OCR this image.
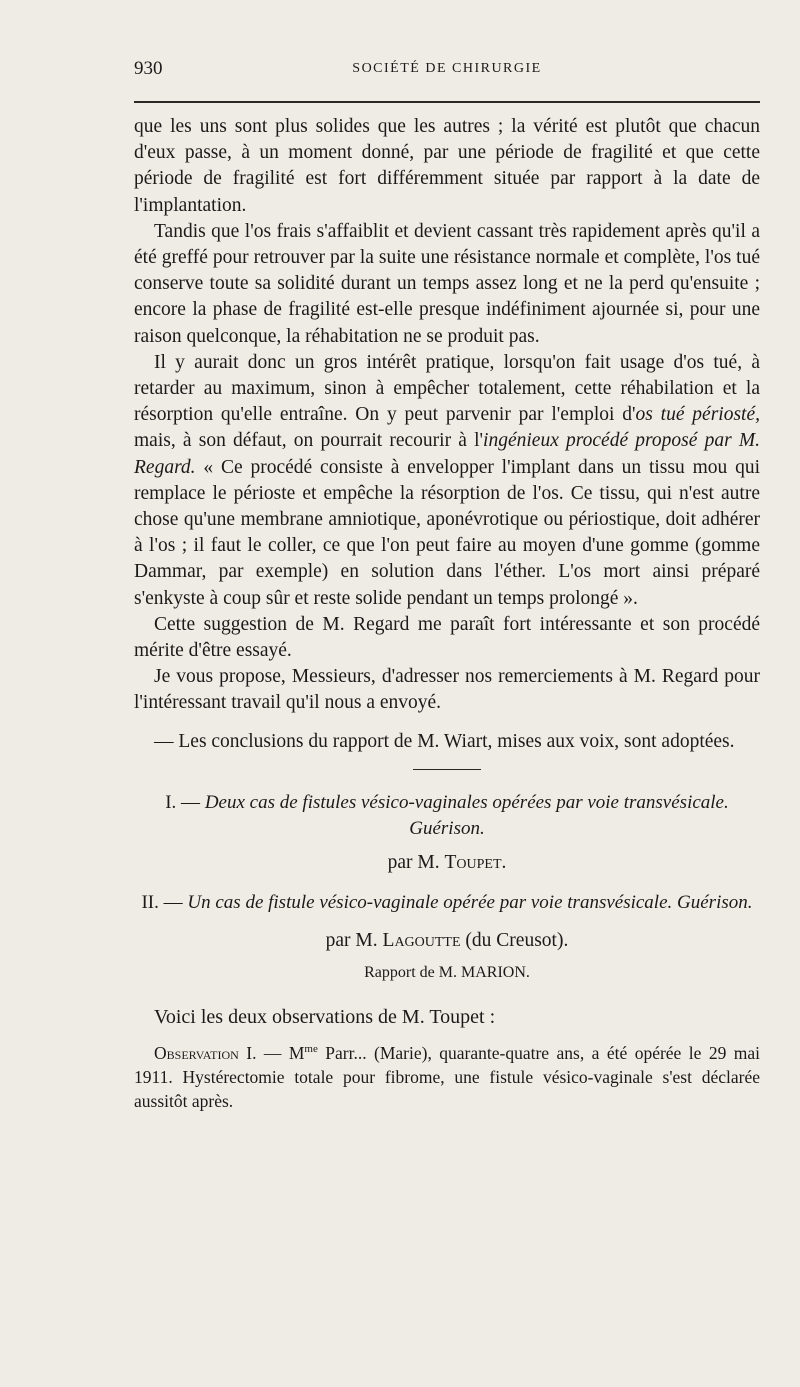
930	SOCIÉTÉ DE CHIRURGIE

que les uns sont plus solides que les autres ; la vérité est plutôt que chacun d'eux passe, à un moment donné, par une période de fragilité et que cette période de fragilité est fort différemment située par rapport à la date de l'implantation.

Tandis que l'os frais s'affaiblit et devient cassant très rapidement après qu'il a été greffé pour retrouver par la suite une résistance normale et complète, l'os tué conserve toute sa solidité durant un temps assez long et ne la perd qu'ensuite ; encore la phase de fragilité est-elle presque indéfiniment ajournée si, pour une raison quelconque, la réhabitation ne se produit pas.

Il y aurait donc un gros intérêt pratique, lorsqu'on fait usage d'os tué, à retarder au maximum, sinon à empêcher totalement, cette réhabilation et la résorption qu'elle entraîne. On y peut parvenir par l'emploi d'os tué périosté, mais, à son défaut, on pourrait recourir à l'ingénieux procédé proposé par M. Regard. « Ce procédé consiste à envelopper l'implant dans un tissu mou qui remplace le périoste et empêche la résorption de l'os. Ce tissu, qui n'est autre chose qu'une membrane amniotique, aponévrotique ou périostique, doit adhérer à l'os ; il faut le coller, ce que l'on peut faire au moyen d'une gomme (gomme Dammar, par exemple) en solution dans l'éther. L'os mort ainsi préparé s'enkyste à coup sûr et reste solide pendant un temps prolongé ».

Cette suggestion de M. Regard me paraît fort intéressante et son procédé mérite d'être essayé.

Je vous propose, Messieurs, d'adresser nos remerciements à M. Regard pour l'intéressant travail qu'il nous a envoyé.

— Les conclusions du rapport de M. Wiart, mises aux voix, sont adoptées.

I. — Deux cas de fistules vésico-vaginales opérées par voie transvésicale. Guérison.

par M. Toupet.

II. — Un cas de fistule vésico-vaginale opérée par voie transvésicale. Guérison.

par M. Lagoutte (du Creusot).

Rapport de M. MARION.

Voici les deux observations de M. Toupet :

Observation I. — $M^{me}$ Parr... (Marie), quarante-quatre ans, a été opérée le 29 mai 1911. Hystérectomie totale pour fibrome, une fistule vésico-vaginale s'est déclarée aussitôt après.
